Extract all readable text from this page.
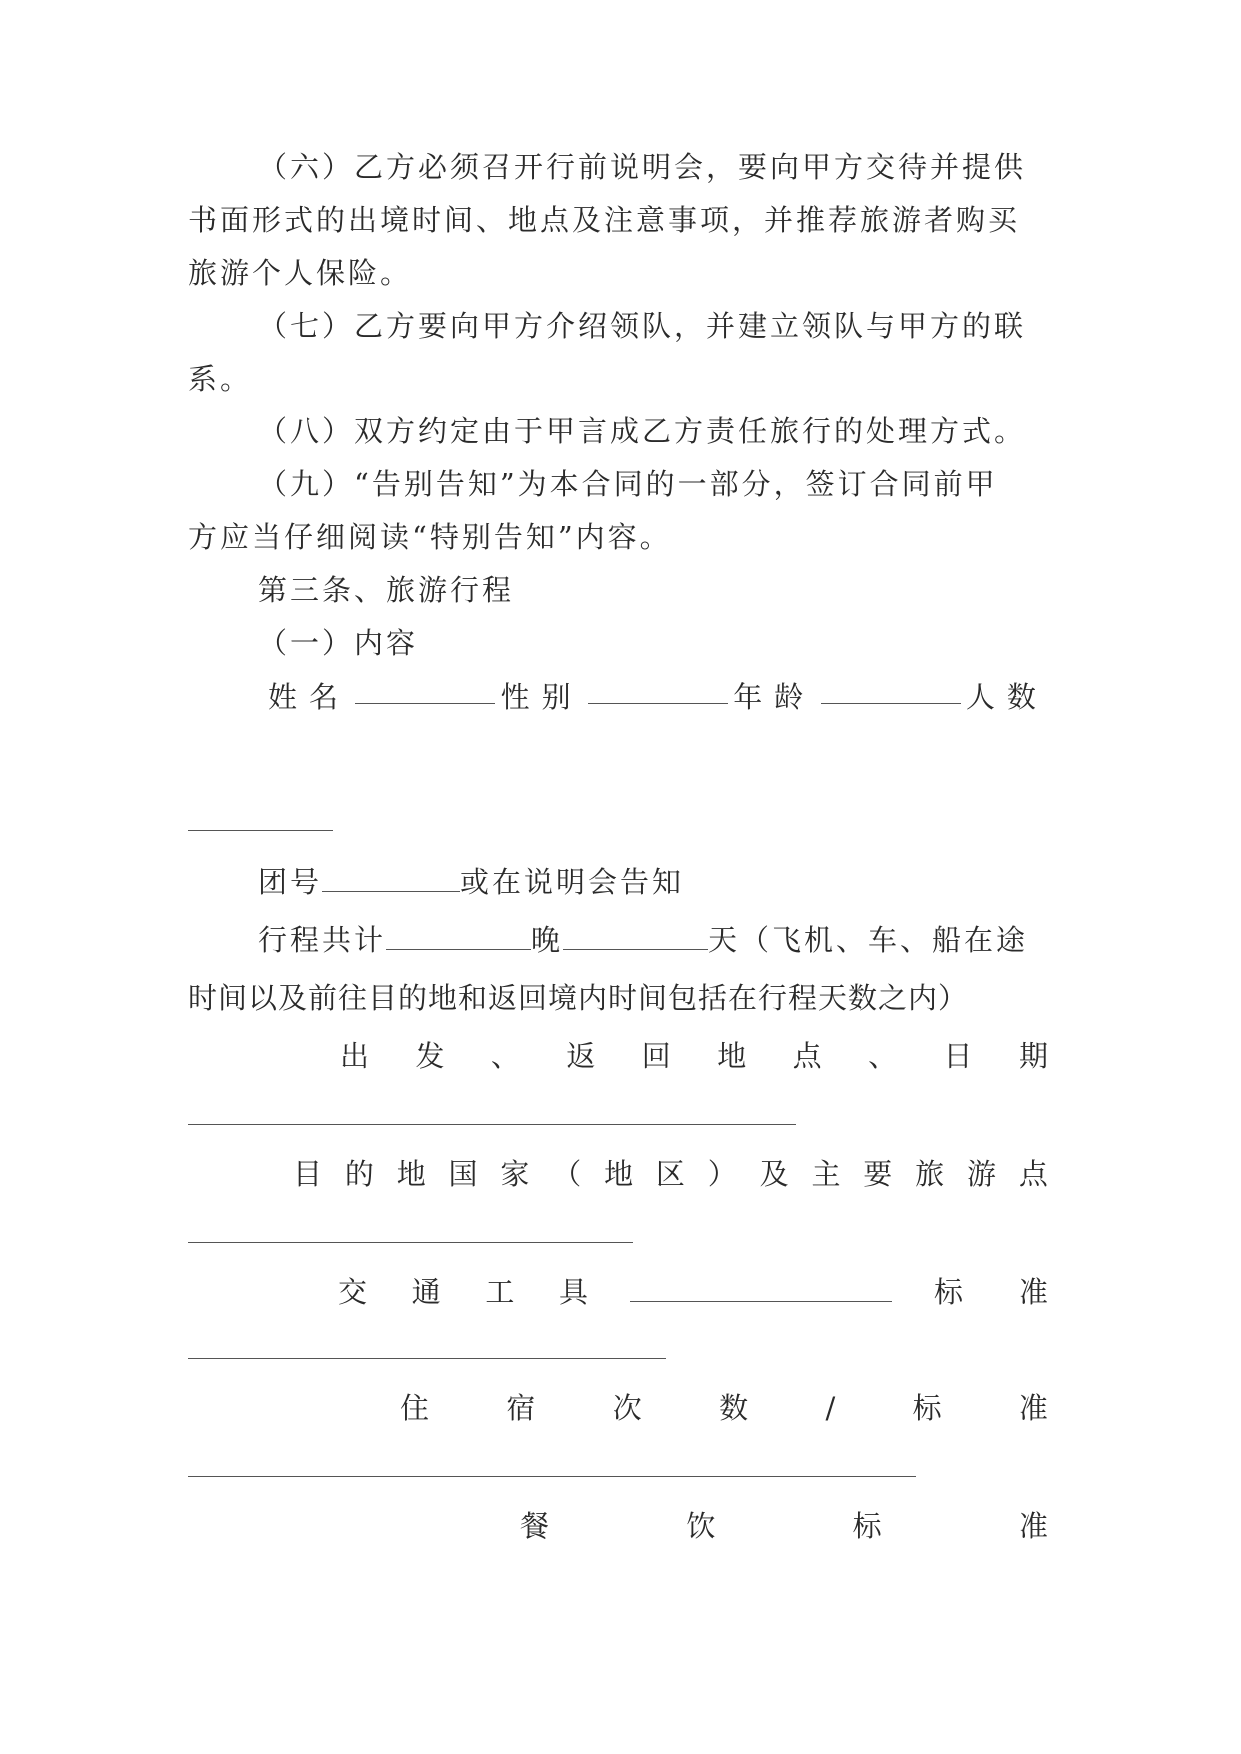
（六）乙方必须召开行前说明会，要向甲方交待并提供
书面形式的出境时间、地点及注意事项，并推荐旅游者购买
旅游个人保险。
（七）乙方要向甲方介绍领队，并建立领队与甲方的联
系。
（八）双方约定由于甲言成乙方责任旅行的处理方式。
（九）“告别告知”为本合同的一部分，签订合同前甲
方应当仔细阅读“特别告知”内容。
第三条、旅游行程
（一）内容
姓名	性别	年龄	人数
团号	或在说明会告知
行程共计	晚	天（飞机、车、船在途
时间以及前往目的地和返回境内时间包括在行程天数之内）
出 发 、 返 回 地 点 、 日 期
目 的 地 国 家 （ 地 区 ） 及 主 要 旅 游 点
交 通 工 具	标 准
住	宿	次	数	/	标	准
餐	饮	标	准
